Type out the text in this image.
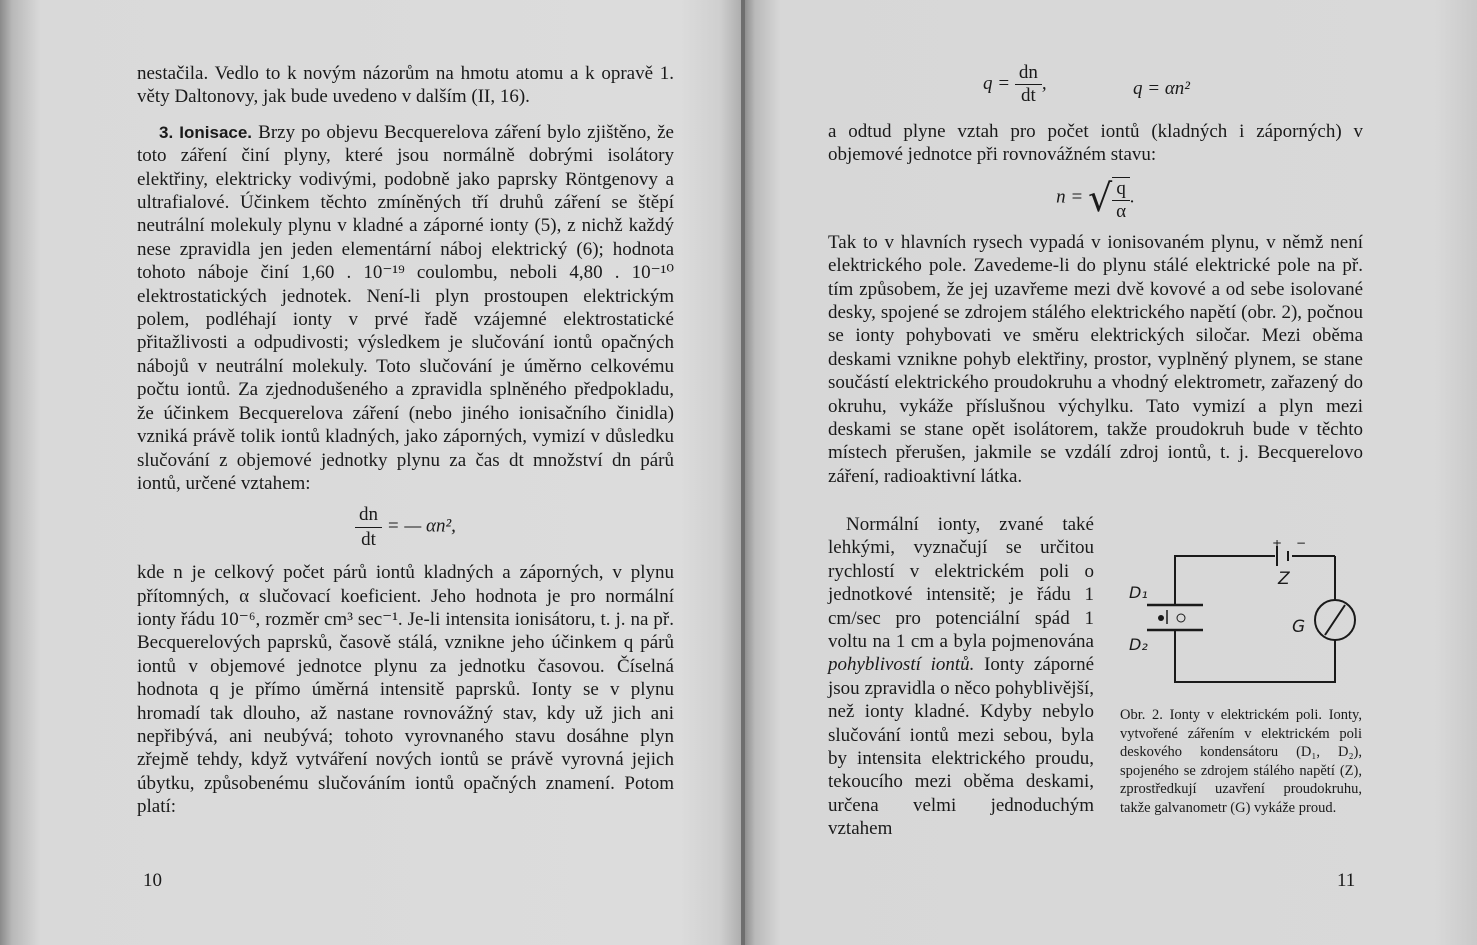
nestačila. Vedlo to k novým názorům na hmotu atomu a k opravě 1. věty Daltonovy, jak bude uvedeno v dalším (II, 16).

3. Ionisace. Brzy po objevu Becquerelova záření bylo zjištěno, že toto záření činí plyny, které jsou normálně dobrými isolátory elektřiny, elektricky vodivými, podobně jako paprsky Röntgenovy a ultrafialové. Účinkem těchto zmíněných tří druhů záření se štěpí neutrální molekuly plynu v kladné a záporné ionty (5), z nichž každý nese zpravidla jen jeden elementární náboj elektrický (6); hodnota tohoto náboje činí 1,60 . 10⁻¹⁹ coulombu, neboli 4,80 . 10⁻¹⁰ elektrostatických jednotek. Není-li plyn prostoupen elektrickým polem, podléhají ionty v prvé řadě vzájemné elektrostatické přitažlivosti a odpudivosti; výsledkem je slučování iontů opačných nábojů v neutrální molekuly. Toto slučování je úměrno celkovému počtu iontů. Za zjednodušeného a zpravidla splněného předpokladu, že účinkem Becquerelova záření (nebo jiného ionisačního činidla) vzniká právě tolik iontů kladných, jako záporných, vymizí v důsledku slučování z objemové jednotky plynu za čas dt množství dn párů iontů, určené vztahem:

$\frac{dn}{dt}$ = — αn²,

kde n je celkový počet párů iontů kladných a záporných, v plynu přítomných, α slučovací koeficient. Jeho hodnota je pro normální ionty řádu 10⁻⁶, rozměr cm³ sec⁻¹. Je-li intensita ionisátoru, t. j. na př. Becquerelových paprsků, časově stálá, vznikne jeho účinkem q párů iontů v objemové jednotce plynu za jednotku časovou. Číselná hodnota q je přímo úměrná intensitě paprsků. Ionty se v plynu hromadí tak dlouho, až nastane rovnovážný stav, kdy už jich ani nepřibývá, ani neubývá; tohoto vyrovnaného stavu dosáhne plyn zřejmě tehdy, když vytváření nových iontů se právě vyrovná jejich úbytku, způsobenému slučováním iontů opačných znamení. Potom platí:

10
$q = \frac{dn}{dt}$ ,	q = αn²

a odtud plyne vztah pro počet iontů (kladných i záporných) v objemové jednotce při rovnovážném stavu:

n = √ $\frac{q}{\alpha}$ .

Tak to v hlavních rysech vypadá v ionisovaném plynu, v němž není elektrického pole. Zavedeme-li do plynu stálé elektrické pole na př. tím způsobem, že jej uzavřeme mezi dvě kovové a od sebe isolované desky, spojené se zdrojem stálého elektrického napětí (obr. 2), počnou se ionty pohybovati ve směru elektrických siločar. Mezi oběma deskami vznikne pohyb elektřiny, prostor, vyplněný plynem, se stane součástí elektrického proudokruhu a vhodný elektrometr, zařazený do okruhu, vykáže příslušnou výchylku. Tato vymizí a plyn mezi deskami se stane opět isolátorem, takže proudokruh bude v těchto místech přerušen, jakmile se vzdálí zdroj iontů, t. j. Becquerelovo záření, radioaktivní látka.

Normální ionty, zvané také lehkými, vyznačují se určitou rychlostí v elektrickém poli o jednotkové intensitě; je řádu 1 cm/sec pro potenciální spád 1 voltu na 1 cm a byla pojmenována pohyblivostí iontů. Ionty záporné jsou zpravidla o něco pohyblivější, než ionty kladné. Kdyby nebylo slučování iontů mezi sebou, byla by intensita elektrického proudu, tekoucího mezi oběma deskami, určena velmi jednoduchým vztahem
D₁
D₂
Z
G
+ −
Obr. 2. Ionty v elektrickém poli. Ionty, vytvořené zářením v elektrickém poli deskového kondensátoru (D₁, D₂), spojeného se zdrojem stálého napětí (Z), zprostředkují uzavření proudokruhu, takže galvanometr (G) vykáže proud.
11
